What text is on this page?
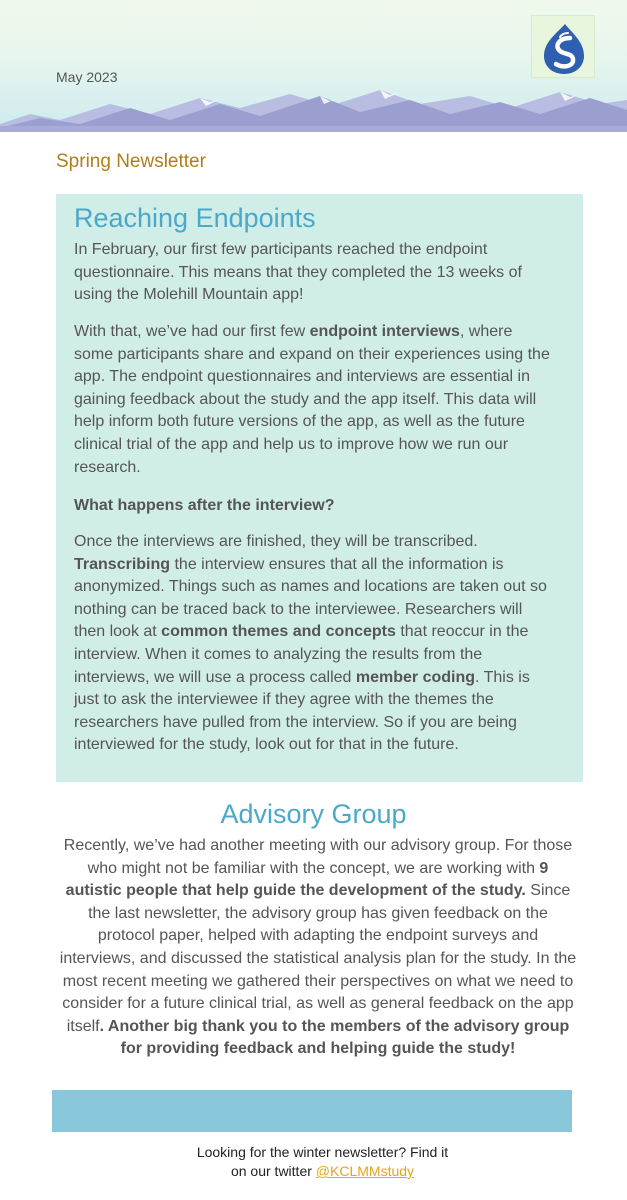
May 2023
Spring Newsletter
Reaching Endpoints
In February, our first few participants reached the endpoint questionnaire. This means that they completed the 13 weeks of using the Molehill Mountain app!
With that, we’ve had our first few endpoint interviews, where some participants share and expand on their experiences using the app. The endpoint questionnaires and interviews are essential in gaining feedback about the study and the app itself. This data will help inform both future versions of the app, as well as the future clinical trial of the app and help us to improve how we run our research.
What happens after the interview?
Once the interviews are finished, they will be transcribed. Transcribing the interview ensures that all the information is anonymized. Things such as names and locations are taken out so nothing can be traced back to the interviewee. Researchers will then look at common themes and concepts that reoccur in the interview. When it comes to analyzing the results from the interviews, we will use a process called member coding. This is just to ask the interviewee if they agree with the themes the researchers have pulled from the interview. So if you are being interviewed for the study, look out for that in the future.
Advisory Group
Recently, we’ve had another meeting with our advisory group. For those who might not be familiar with the concept, we are working with 9 autistic people that help guide the development of the study. Since the last newsletter, the advisory group has given feedback on the protocol paper, helped with adapting the endpoint surveys and interviews, and discussed the statistical analysis plan for the study. In the most recent meeting we gathered their perspectives on what we need to consider for a future clinical trial, as well as general feedback on the app itself. Another big thank you to the members of the advisory group for providing feedback and helping guide the study!
Looking for the winter newsletter? Find it
on our twitter @KCLMMstudy
